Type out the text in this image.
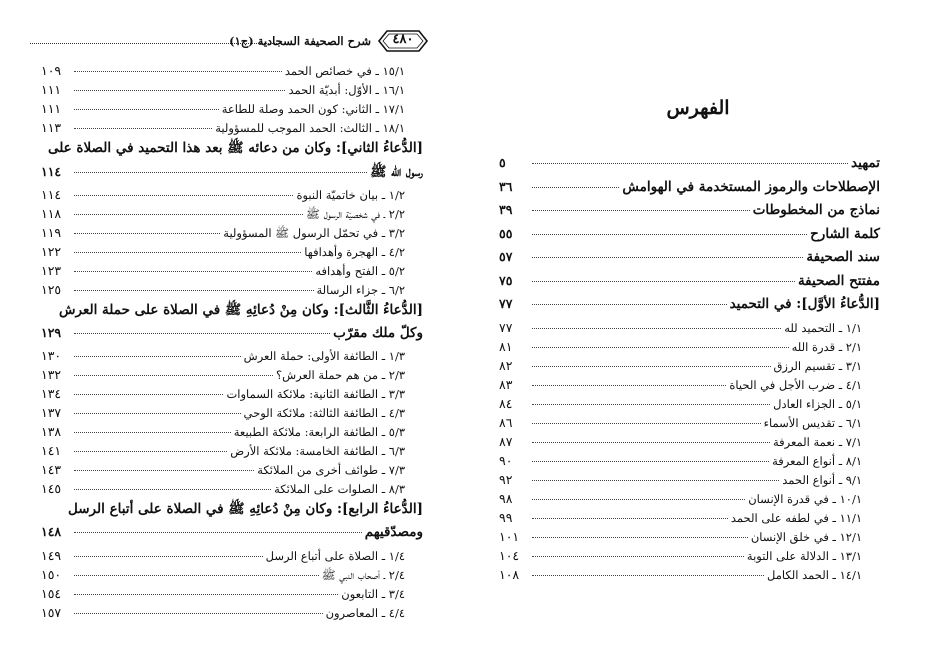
شرح الصحيفة السجادية (ج١)	٤٨٠
١٥/١ ـ في خصائص الحمد
١٠٩
١٦/١ ـ الأوّل: أبديّة الحمد
١١١
١٧/١ ـ الثاني: كون الحمد وصلة للطاعة
١١١
١٨/١ ـ الثالث: الحمد الموجب للمسؤولية
١١٣
[الدُّعاءُ الثاني]: وكان من دعائه ﷺ بعد هذا التحميد في الصلاة على
رسول الله ﷺ
١١٤
١/٢ ـ بيان خاتميّة النبوة
١١٤
٢/٢ ـ في شخصيّة الرسول ﷺ
١١٨
٣/٢ ـ في تحمّل الرسول ﷺ المسؤولية
١١٩
٤/٢ ـ الهجرة وأهدافها
١٢٢
٥/٢ ـ الفتح وأهدافه
١٢٣
٦/٢ ـ جزاء الرسالة
١٢٥
[الدُّعاءُ الثَّالث]: وكان مِنْ دُعائِهِ ﷺ في الصلاة على حملة العرش
وكلّ ملك مقرّب
١٢٩
١/٣ ـ الطائفة الأولى: حملة العرش
١٣٠
٢/٣ ـ من هم حملة العرش؟
١٣٢
٣/٣ ـ الطائفة الثانية: ملائكة السماوات
١٣٤
٤/٣ ـ الطائفة الثالثة: ملائكة الوحي
١٣٧
٥/٣ ـ الطائفة الرابعة: ملائكة الطبيعة
١٣٨
٦/٣ ـ الطائفة الخامسة: ملائكة الأرض
١٤١
٧/٣ ـ طوائف أخرى من الملائكة
١٤٣
٨/٣ ـ الصلوات على الملائكة
١٤٥
[الدُّعاءُ الرابع]: وكان مِنْ دُعائِهِ ﷺ في الصلاة على أتباع الرسل
ومصدّقيهم
١٤٨
١/٤ ـ الصلاة على أتباع الرسل
١٤٩
٢/٤ ـ أصحاب النبي ﷺ
١٥٠
٣/٤ ـ التابعون
١٥٤
٤/٤ ـ المعاصرون
١٥٧
الفهرس
تمهيد
٥
الإصطلاحات والرموز المستخدمة في الهوامش
٣٦
نماذج من المخطوطات
٣٩
كلمة الشارح
٥٥
سند الصحيفة
٥٧
مفتتح الصحيفة
٧٥
[الدُّعاءُ الأوَّل]: في التحميد
٧٧
١/١ ـ التحميد لله
٧٧
٢/١ ـ قدرة الله
٨١
٣/١ ـ تقسيم الرزق
٨٢
٤/١ ـ ضرب الأجل في الحياة
٨٣
٥/١ ـ الجزاء العادل
٨٤
٦/١ ـ تقديس الأسماء
٨٦
٧/١ ـ نعمة المعرفة
٨٧
٨/١ ـ أنواع المعرفة
٩٠
٩/١ ـ أنواع الحمد
٩٢
١٠/١ ـ في قدرة الإنسان
٩٨
١١/١ ـ في لطفه على الحمد
٩٩
١٢/١ ـ في خلق الإنسان
١٠١
١٣/١ ـ الدلالة على التوبة
١٠٤
١٤/١ ـ الحمد الكامل
١٠٨
